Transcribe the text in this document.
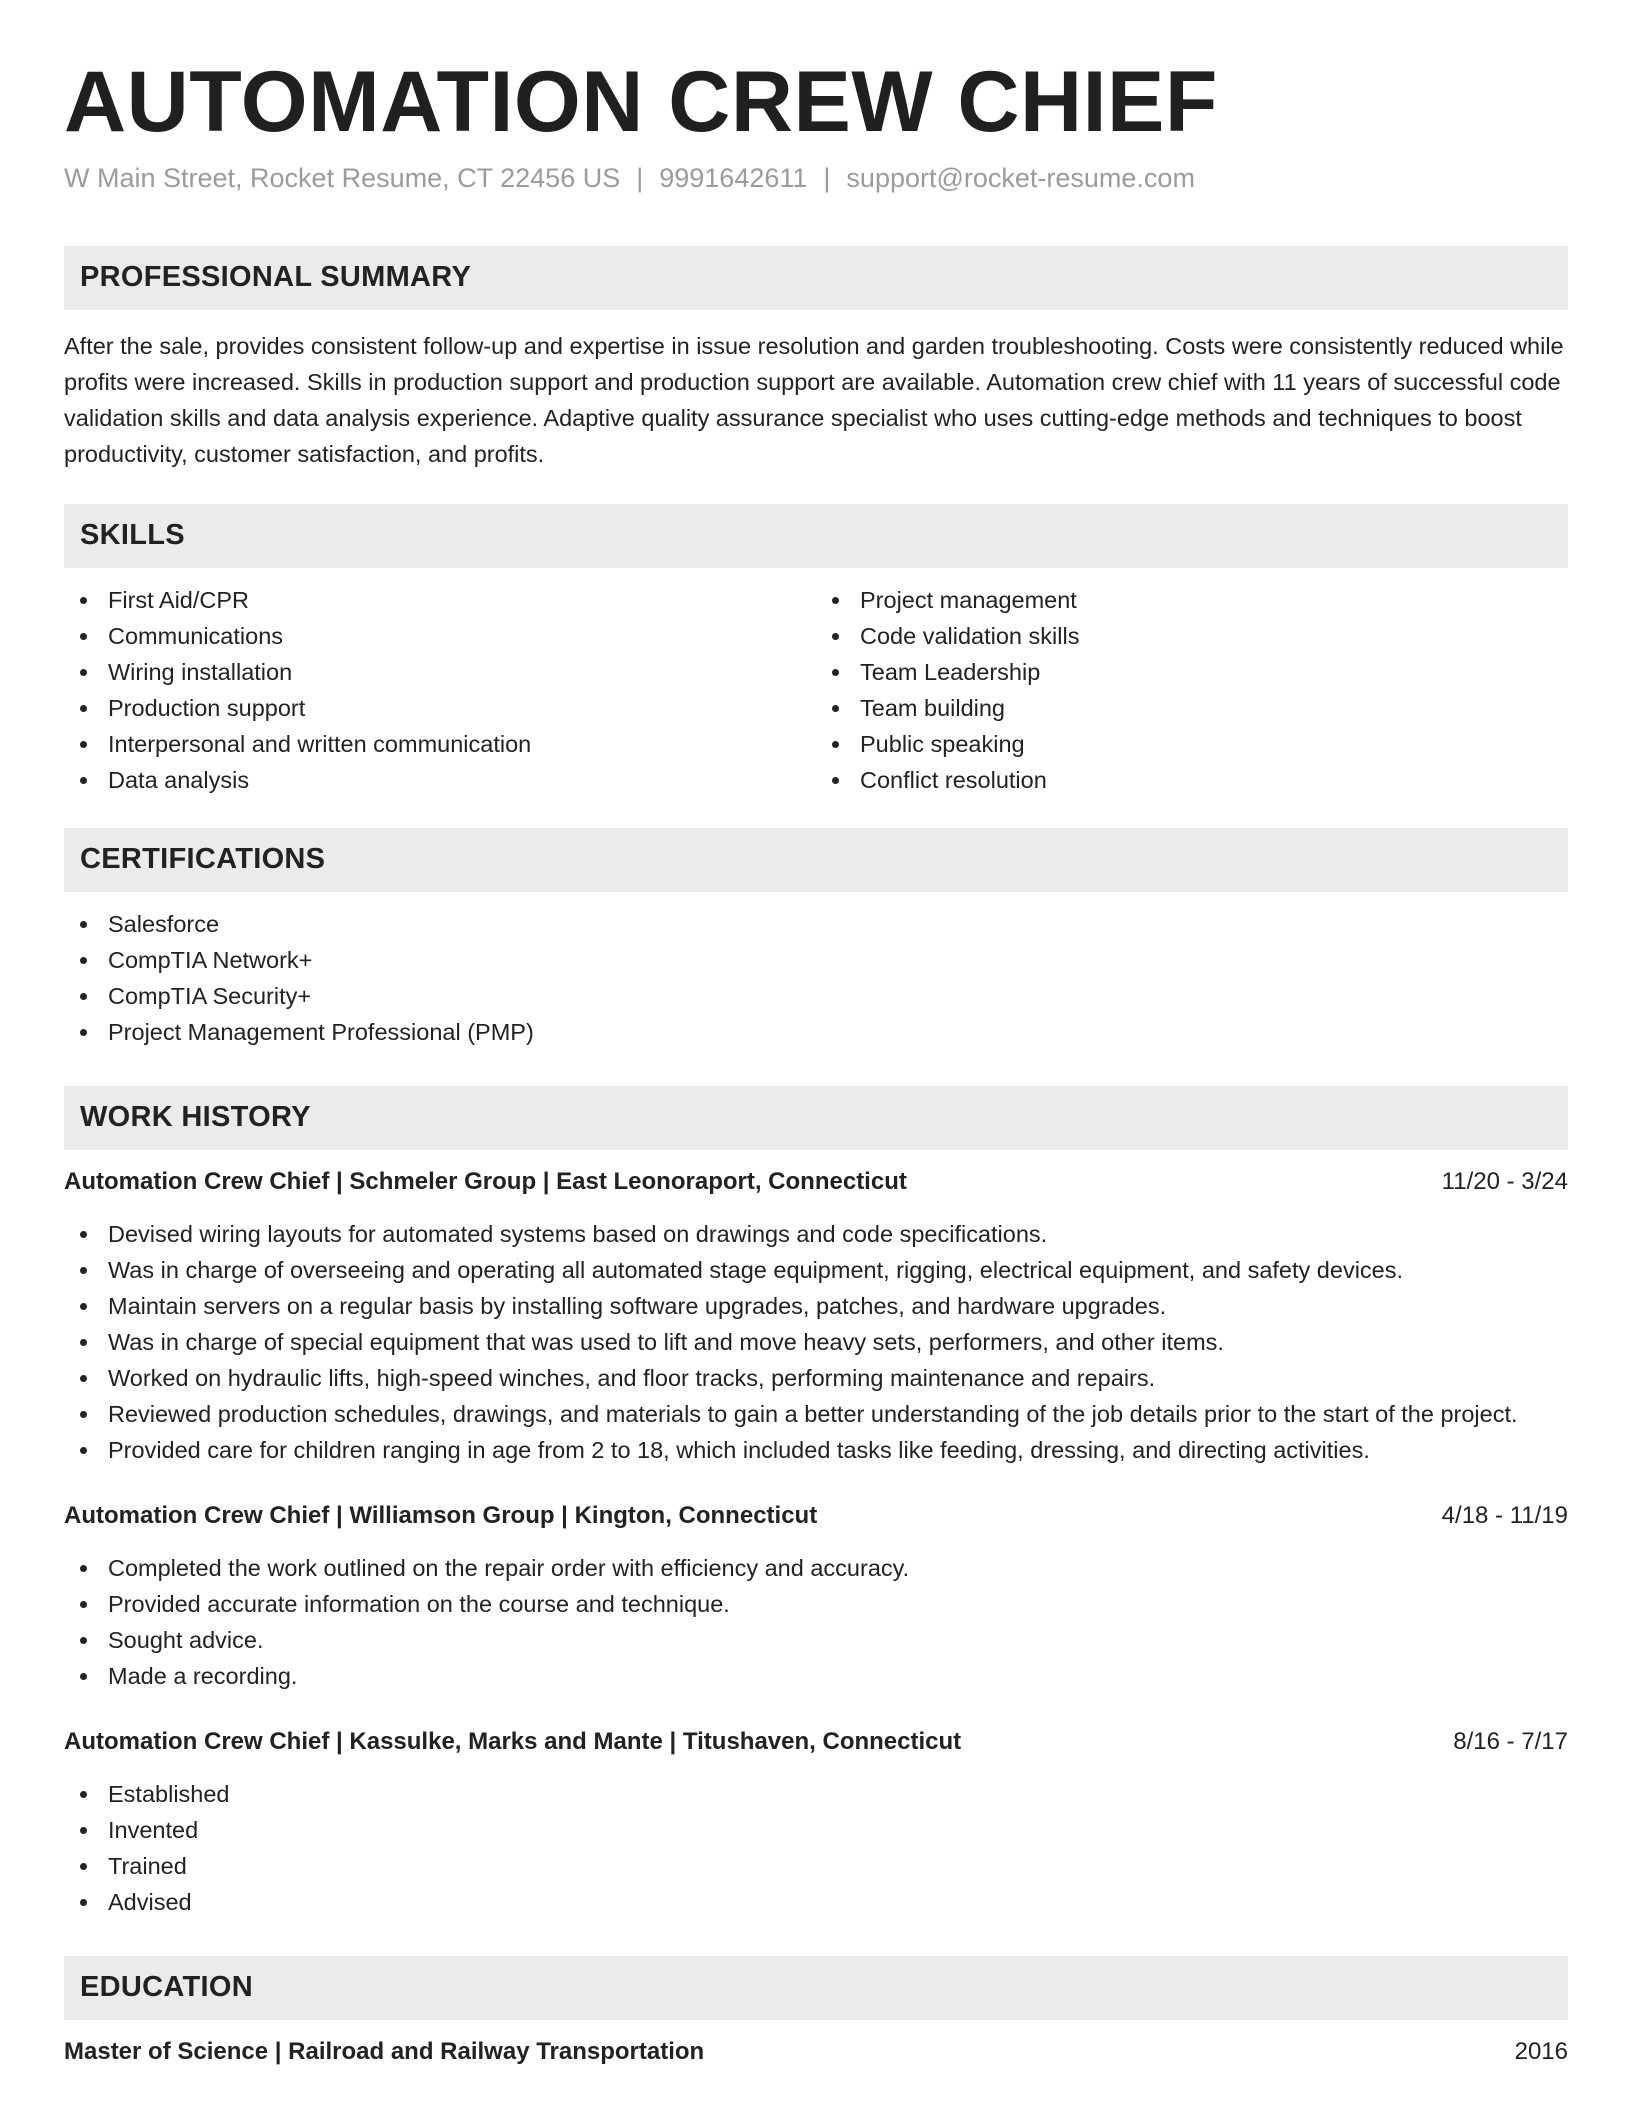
AUTOMATION CREW CHIEF
W Main Street, Rocket Resume, CT 22456 US | 9991642611 | support@rocket-resume.com
PROFESSIONAL SUMMARY

After the sale, provides consistent follow-up and expertise in issue resolution and garden troubleshooting. Costs were consistently reduced while profits were increased. Skills in production support and production support are available. Automation crew chief with 11 years of successful code validation skills and data analysis experience. Adaptive quality assurance specialist who uses cutting-edge methods and techniques to boost productivity, customer satisfaction, and profits.

SKILLS
First Aid/CPR
Communications
Wiring installation
Production support
Interpersonal and written communication
Data analysis
Project management
Code validation skills
Team Leadership
Team building
Public speaking
Conflict resolution
CERTIFICATIONS
Salesforce
CompTIA Network+
CompTIA Security+
Project Management Professional (PMP)
WORK HISTORY
Automation Crew Chief | Schmeler Group | East Leonoraport, Connecticut	11/20 - 3/24
Devised wiring layouts for automated systems based on drawings and code specifications.
Was in charge of overseeing and operating all automated stage equipment, rigging, electrical equipment, and safety devices.
Maintain servers on a regular basis by installing software upgrades, patches, and hardware upgrades.
Was in charge of special equipment that was used to lift and move heavy sets, performers, and other items.
Worked on hydraulic lifts, high-speed winches, and floor tracks, performing maintenance and repairs.
Reviewed production schedules, drawings, and materials to gain a better understanding of the job details prior to the start of the project.
Provided care for children ranging in age from 2 to 18, which included tasks like feeding, dressing, and directing activities.
Automation Crew Chief | Williamson Group | Kington, Connecticut	4/18 - 11/19
Completed the work outlined on the repair order with efficiency and accuracy.
Provided accurate information on the course and technique.
Sought advice.
Made a recording.
Automation Crew Chief | Kassulke, Marks and Mante | Titushaven, Connecticut	8/16 - 7/17
Established
Invented
Trained
Advised
EDUCATION
Master of Science | Railroad and Railway Transportation	2016
